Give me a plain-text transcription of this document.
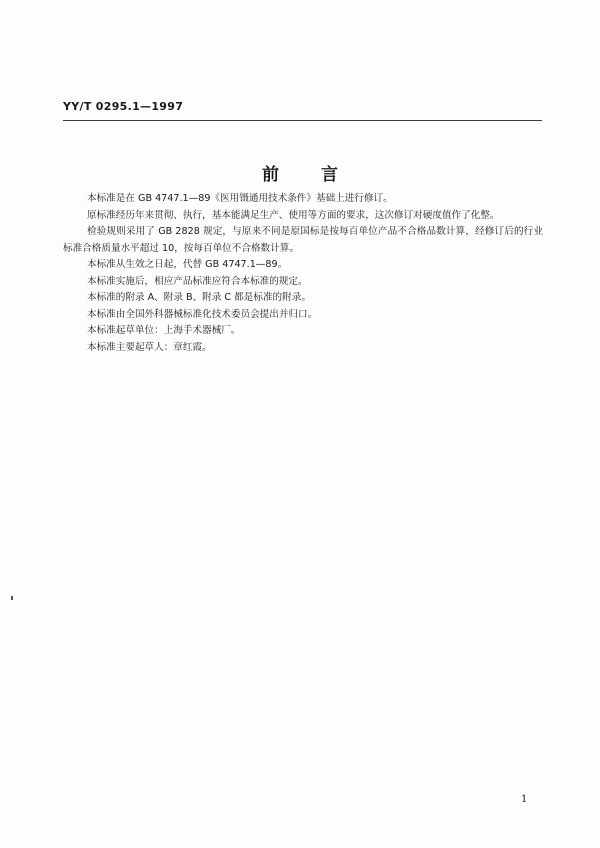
YY/T 0295.1—1997
前言

本标准是在 GB 4747.1—89《医用镊通用技术条件》基础上进行修订。

原标准经历年来贯彻、执行，基本能满足生产、使用等方面的要求，这次修订对硬度值作了化整。

检验规则采用了 GB 2828 规定，与原来不同是原国标是按每百单位产品不合格品数计算，经修订后的行业标准合格质量水平超过 10，按每百单位不合格数计算。

本标准从生效之日起，代替 GB 4747.1—89。

本标准实施后，相应产品标准应符合本标准的规定。

本标准的附录 A、附录 B、附录 C 都是标准的附录。

本标准由全国外科器械标准化技术委员会提出并归口。

本标准起草单位：上海手术器械厂。

本标准主要起草人：章红霞。

1
